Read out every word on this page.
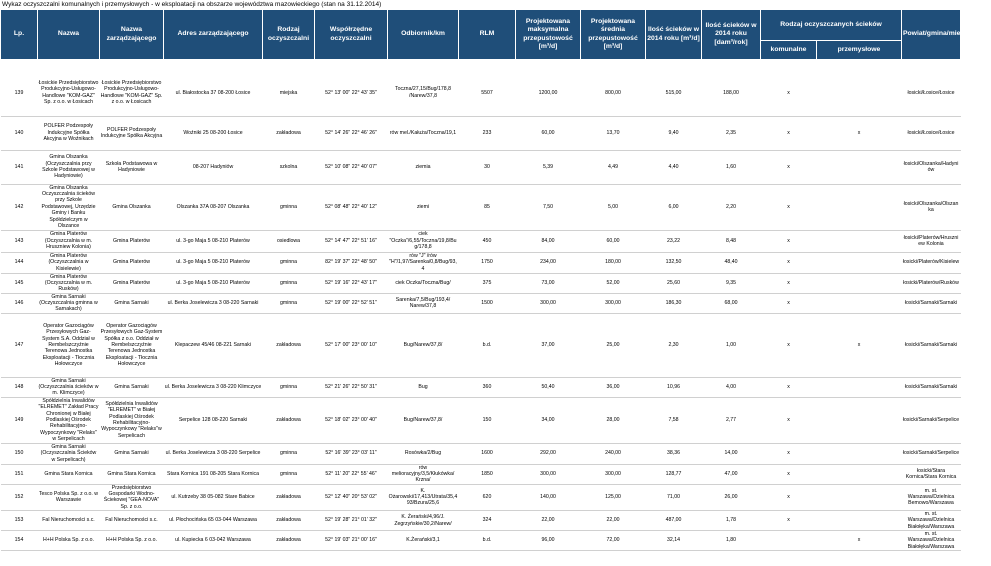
Wykaz oczyszczalni komunalnych i przemysłowych - w eksploatacji na obszarze województwa mazowieckiego (stan na 31.12.2014)
Lp.	Nazwa	Nazwa zarządzającego	Adres zarządzającego	Rodzaj oczyszczalni	Współrzędne oczyszczalni	Odbiornik/km	RLM	Projektowana maksymalna przepustowość [m³/d]	Projektowana średnia przepustowość [m³/d]	Ilość ścieków w 2014 roku [m³/d]	Ilość ścieków w 2014 roku [dam³/rok]	Rodzaj oczyszczanych ścieków		Powiat/gmina/miejscowość
												komunalne	przemysłowe	

139	Łosickie Przedsiębiorstwo Produkcyjno-Usługowo-Handlowe "KOM-GAZ" Sp. z o.o. w Łosicach	Łosickie Przedsiębiorstwo Produkcyjno-Usługowo-Handlowe "KOM-GAZ" Sp. z o.o. w Łosicach	ul. Białostocka 37 08-200 Łosice	miejska	52° 13' 00" 22° 43' 35"	Toczna/27,15/Bug/178,8 /Narew/37,8	5507	1200,00	800,00	515,00	188,00	x		łosicki/Łosice/Łosice
140	POLFER Podzespoły Indukcyjne Spółka Akcyjna w Woźnikach	POLFER Podzespoły Indukcyjne Spółka Akcyjna	Woźniki 25 08-200 Łosice	zakładowa	52° 14' 26" 22° 46' 26"	rów mel./Kałuża/Toczna/19,1	233	60,00	13,70	9,40	2,35	x	x	łosicki/Łosice/Łosice
141	Gmina Olszanka (Oczyszczalnia przy Szkole Podstawowej w Hadyniowie)	Szkoła Podstawowa w Hadyniowie	08-207 Hadyniów	szkolna	52° 10' 08" 22° 40' 07"	ziemia	30	5,39	4,49	4,40	1,60	x		łosicki/Olszanka/Hadyniów
142	Gmina Olszanka Oczyszczalnia ścieków przy Szkole Podstawowej, Urzędzie Gminy i Banku Spółdzielczym w Olszance	Gmina Olszanka	Olszanka 37A 08-207 Olszanka	gminna	52° 08' 48" 22° 40' 12"	ziemi	85	7,50	5,00	6,00	2,20	x		łosicki/Olszanka/Olszanka
143	Gmina Platerów (Oczyszczalnia w m. Hruszniew Kolonia)	Gmina Platerów	ul. 3-go Maja 5 08-210 Platerów	osiedlowa	52° 14' 47" 22° 51' 16"	ciek "Oczka"/6,55/Toczna/19,8/Bug/178,8	450	84,00	60,00	23,22	8,48	x		łosicki/Platerów/Hruszniew Kolonia
144	Gmina Platerów (Oczyszczalnia w Kisielewie)	Gmina Platerów	ul. 3-go Maja 5 08-210 Platerów	gminna	82° 19' 37" 22° 48' 50"	rów "J" /rów "H"/1,97/Sarenka/0,8/Bug/93,4	1750	234,00	180,00	132,50	48,40	x		łosicki/Platerów/Kisielew
145	Gmina Platerów (Oczyszczalnia w m. Rusków)	Gmina Platerów	ul. 3-go Maja 5 08-210 Platerów	gminna	52° 19' 16" 22° 43' 17"	ciek Oczka/Toczna/Bug/	375	73,00	52,00	25,60	9,35	x		łosicki/Platerów/Rusków
146	Gmina Sarnaki (Oczyszczalnia gminna w Sarnakach)	Gmina Sarnaki	ul. Berka Joselewicza 3 08-220 Sarnaki	gminna	52° 19' 00" 22° 52' 51"	Sarenka/7,5/Bug/193,4/ Narew/37,8	1500	300,00	300,00	186,30	68,00	x		łosicki/Sarnaki/Sarnaki
147	Operator Gazociągów Przesyłowych Gaz-System S.A. Oddział w Rembelszczyźnie Terenowa Jednostka Eksploatacji - Tłocznia Hołowczyce	Operator Gazociągów Przesyłowych Gaz-System Spółka z o.o. Oddział w Rembelszczyźnie Terenowa Jednostka Eksploatacji - Tłocznia Hołowczyce	Klepaczew 45/46 08-221 Sarnaki	zakładowa	52° 17' 00" 23° 00' 10"	Bug/Narew/37,8/	b.d.	37,00	25,00	2,30	1,00	x	x	łosicki/Sarnaki/Sarnaki
148	Gmina Sarnaki (Oczyszczalnia ścieków w m. Klimczyce)	Gmina Sarnaki	ul. Berka Joselewicza 3 08-220 Klimczyce	gminna	52° 21' 26" 22° 50' 31"	Bug	360	50,40	36,00	10,96	4,00	x		łosicki/Sarnaki/Sarnaki
149	Spółdzielnia Inwalidów "ELREMET" Zakład Pracy Chronionej w Białej Podlaskiej Ośrodek Rehabilitacyjno-Wypoczynkowy "Relaks" w Serpelicach	Spółdzielnia Inwalidów "ELREMET" w Białej Podlaskiej Ośrodek Rehabilitacyjno-Wypoczynkowy "Relaks"w Serpelicach	Serpelice 128 08-220 Sarnaki	zakładowa	52° 18' 02" 23° 00' 40"	Bug/Narew/37,8/	150	34,00	28,00	7,58	2,77	x		łosicki/Sarnaki/Serpelice
150	Gmina Sarnaki (Oczyszczalnia Ścieków w Serpelicach)	Gmina Sarnaki	ul. Berka Joselewicza 3 08-220 Serpelice	gminna	52° 16' 39" 23° 03' 11"	Rosówka/2/Bug	1600	292,00	240,00	38,36	14,00	x		łosicki/Sarnaki/Serpelice
151	Gmina Stara Kornica	Gmina Stara Kornica	Stara Kornica 191 08-205 Stara Kornica	gminna	52° 11' 20" 22° 55' 46"	rów melioracyjny/3,5/Kłukówka/ Krzna/	1850	300,00	300,00	128,77	47,00	x		łosicki/Stara Kornica/Stara Kornica
152	Tesco Polska Sp. z o.o. w Warszawie	Przedsiębiorstwo Gospodarki Wodno-Ściekowej "GEA-NOVA" Sp. z o.o.	ul. Kutrzeby 38 05-082 Stare Babice	zakładowa	52° 12' 40" 20° 53' 02"	K. Ożarowski/17,413/Utrata/35,493/Bzura/25,6	620	140,00	125,00	71,00	26,00	x		m. st. Warszawa/Dzielnica Bemowo/Warszawa
153	Fal Nieruchomości s.c.	Fal Nieruchomości s.c.	ul. Płochocińska 65 03-044 Warszawa	zakładowa	52° 19' 28" 21° 01' 32"	K. Żerański/4,96/J. Zegrzyńskie/30,2/Narew/	324	22,00	22,00	487,00	1,78	x		m. st. Warszawa/Dzielnica Białołęka/Warszawa
154	H+H Polska Sp. z o.o.	H+H Polska Sp. z o.o.	ul. Kupiecka 6 03-042 Warszawa	zakładowa	52° 19' 03" 21° 00' 16"	K.Żerański/3,1	b.d.	96,00	72,00	32,14	1,80		x	m. st. Warszawa/Dzielnica Białołęka/Warszawa
